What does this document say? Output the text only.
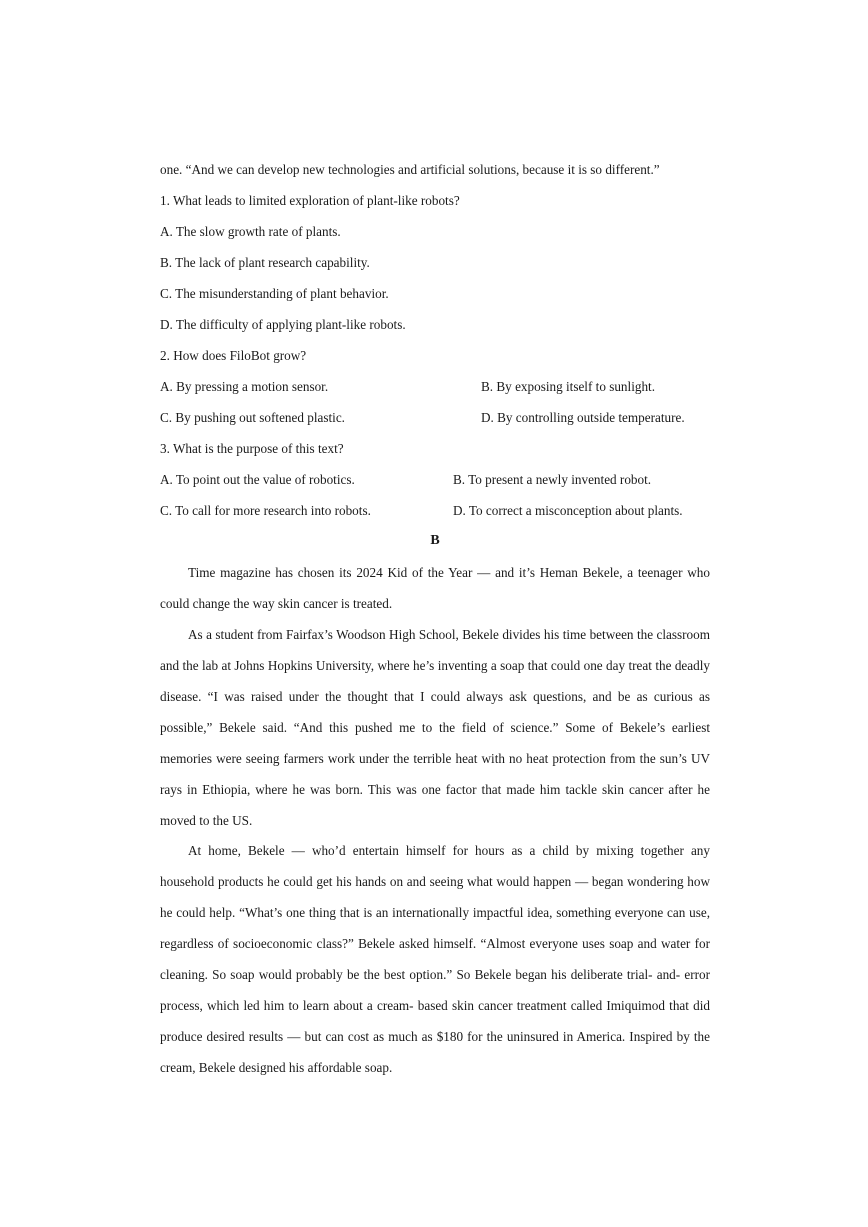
one. “And we can develop new technologies and artificial solutions, because it is so different.”
1. What leads to limited exploration of plant-like robots?
A. The slow growth rate of plants.
B. The lack of plant research capability.
C. The misunderstanding of plant behavior.
D. The difficulty of applying plant-like robots.
2. How does FiloBot grow?
A. By pressing a motion sensor.	B. By exposing itself to sunlight.
C. By pushing out softened plastic.	D. By controlling outside temperature.
3. What is the purpose of this text?
A. To point out the value of robotics.	B. To present a newly invented robot.
C. To call for more research into robots.	D. To correct a misconception about plants.
B
Time magazine has chosen its 2024 Kid of the Year — and it’s Heman Bekele, a teenager who could change the way skin cancer is treated.
As a student from Fairfax’s Woodson High School, Bekele divides his time between the classroom and the lab at Johns Hopkins University, where he’s inventing a soap that could one day treat the deadly disease. “I was raised under the thought that I could always ask questions, and be as curious as possible,” Bekele said. “And this pushed me to the field of science.” Some of Bekele’s earliest memories were seeing farmers work under the terrible heat with no heat protection from the sun’s UV rays in Ethiopia, where he was born. This was one factor that made him tackle skin cancer after he moved to the US.
At home, Bekele — who’d entertain himself for hours as a child by mixing together any household products he could get his hands on and seeing what would happen — began wondering how he could help. “What’s one thing that is an internationally impactful idea, something everyone can use, regardless of socioeconomic class?” Bekele asked himself. “Almost everyone uses soap and water for cleaning. So soap would probably be the best option.” So Bekele began his deliberate trial- and- error process, which led him to learn about a cream- based skin cancer treatment called Imiquimod that did produce desired results — but can cost as much as $180 for the uninsured in America. Inspired by the cream, Bekele designed his affordable soap.
